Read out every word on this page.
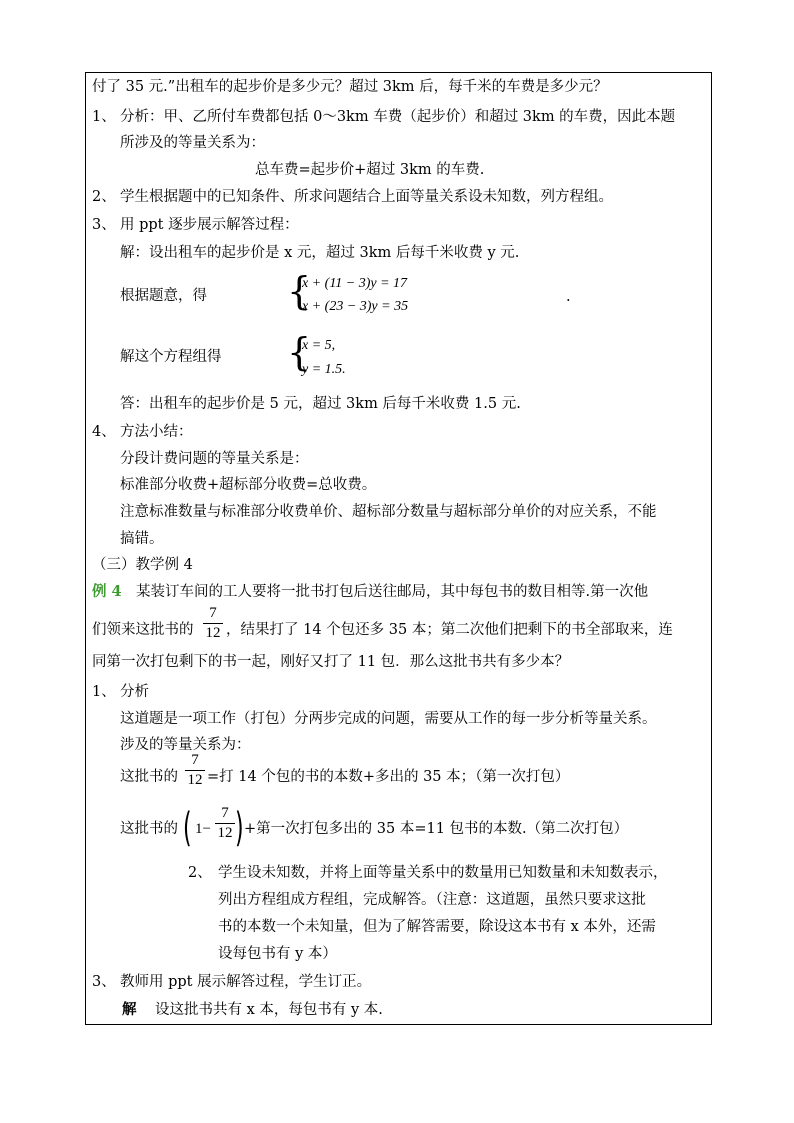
付了 35 元.”出租车的起步价是多少元？超过 3km 后，每千米的车费是多少元？
1、 分析：甲、乙所付车费都包括 0～3km 车费（起步价）和超过 3km 的车费，因此本题
所涉及的等量关系为：
总车费=起步价+超过 3km 的车费.
2、 学生根据题中的已知条件、所求问题结合上面等量关系设未知数，列方程组。
3、 用 ppt 逐步展示解答过程：
解：设出租车的起步价是 x 元，超过 3km 后每千米收费 y 元.
根据题意，得 {
x + (11 − 3)y = 17
x + (23 − 3)y = 35
.
解这个方程组得 {
x = 5,
y = 1.5.
答：出租车的起步价是 5 元，超过 3km 后每千米收费 1.5 元.
4、 方法小结：
分段计费问题的等量关系是：
标准部分收费+超标部分收费=总收费。
注意标准数量与标准部分收费单价、超标部分数量与超标部分单价的对应关系，不能
搞错。
（三）教学例 4
例 4 某装订车间的工人要将一批书打包后送往邮局，其中每包书的数目相等.第一次他
们领来这批书的
7
12 ，结果打了 14 个包还多 35 本；第二次他们把剩下的书全部取来，连
同第一次打包剩下的书一起，刚好又打了 11 包．那么这批书共有多少本？
1、 分析
这道题是一项工作（打包）分两步完成的问题，需要从工作的每一步分析等量关系。
涉及的等量关系为：
这批书的
7
12 =打 14 个包的书的本数+多出的 35 本；（第一次打包）
这批书的 ( 1−
7
12 ) +第一次打包多出的 35 本=11 包书的本数.（第二次打包）
2、 学生设未知数，并将上面等量关系中的数量用已知数量和未知数表示，
列出方程组成方程组，完成解答。（注意：这道题，虽然只要求这批
书的本数一个未知量，但为了解答需要，除设这本书有 x 本外，还需
设每包书有 y 本）
3、 教师用 ppt 展示解答过程，学生订正。
解 设这批书共有 x 本，每包书有 y 本.
